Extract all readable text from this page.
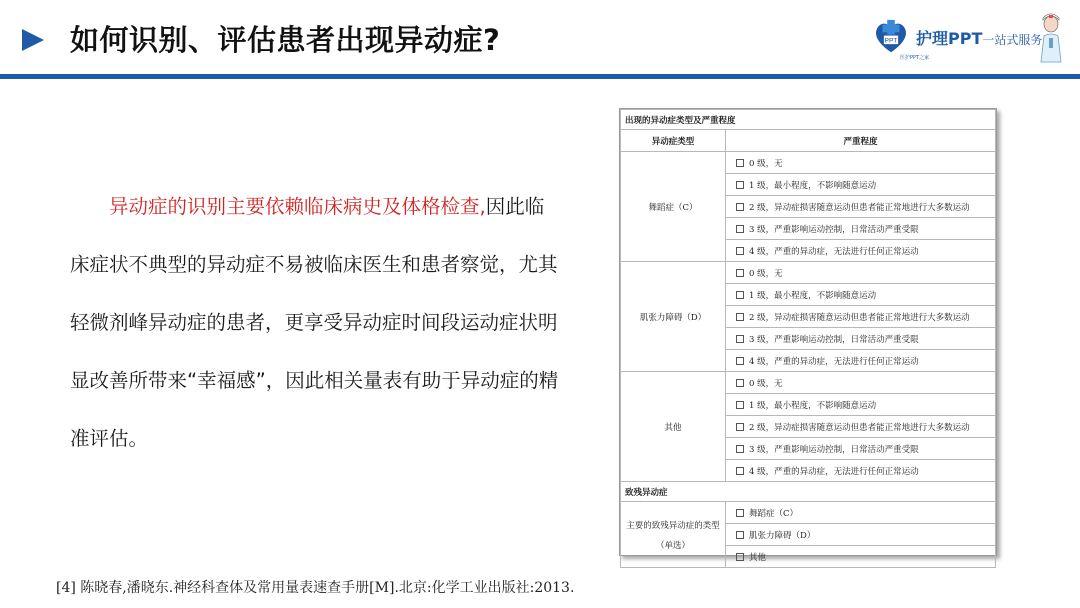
如何识别、评估患者出现异动症?	PPT 护理PPT一站式服务
医护PPT之家

异动症的识别主要依赖临床病史及体格检查,因此临床症状不典型的异动症不易被临床医生和患者察觉，尤其轻微剂峰异动症的患者，更享受异动症时间段运动症状明显改善所带来“幸福感”，因此相关量表有助于异动症的精准评估。

出现的异动症类型及严重程度	
异动症类型	严重程度
舞蹈症（C）	0 级，无
	1 级，最小程度，不影响随意运动
	2 级，异动症损害随意运动但患者能正常地进行大多数运动
	3 级，严重影响运动控制，日常活动严重受限
	4 级，严重的异动症，无法进行任何正常运动
肌张力障碍（D）	0 级，无
	1 级，最小程度，不影响随意运动
	2 级，异动症损害随意运动但患者能正常地进行大多数运动
	3 级，严重影响运动控制，日常活动严重受限
	4 级，严重的异动症，无法进行任何正常运动
其他	0 级，无
	1 级，最小程度，不影响随意运动
	2 级，异动症损害随意运动但患者能正常地进行大多数运动
	3 级，严重影响运动控制，日常活动严重受限
	4 级，严重的异动症，无法进行任何正常运动
致残异动症	

主要的致残异动症的类型
（单选）	舞蹈症（C）
	肌张力障碍（D）
	其他
[4] 陈晓春,潘晓东.神经科查体及常用量表速查手册[M].北京:化学工业出版社:2013.
